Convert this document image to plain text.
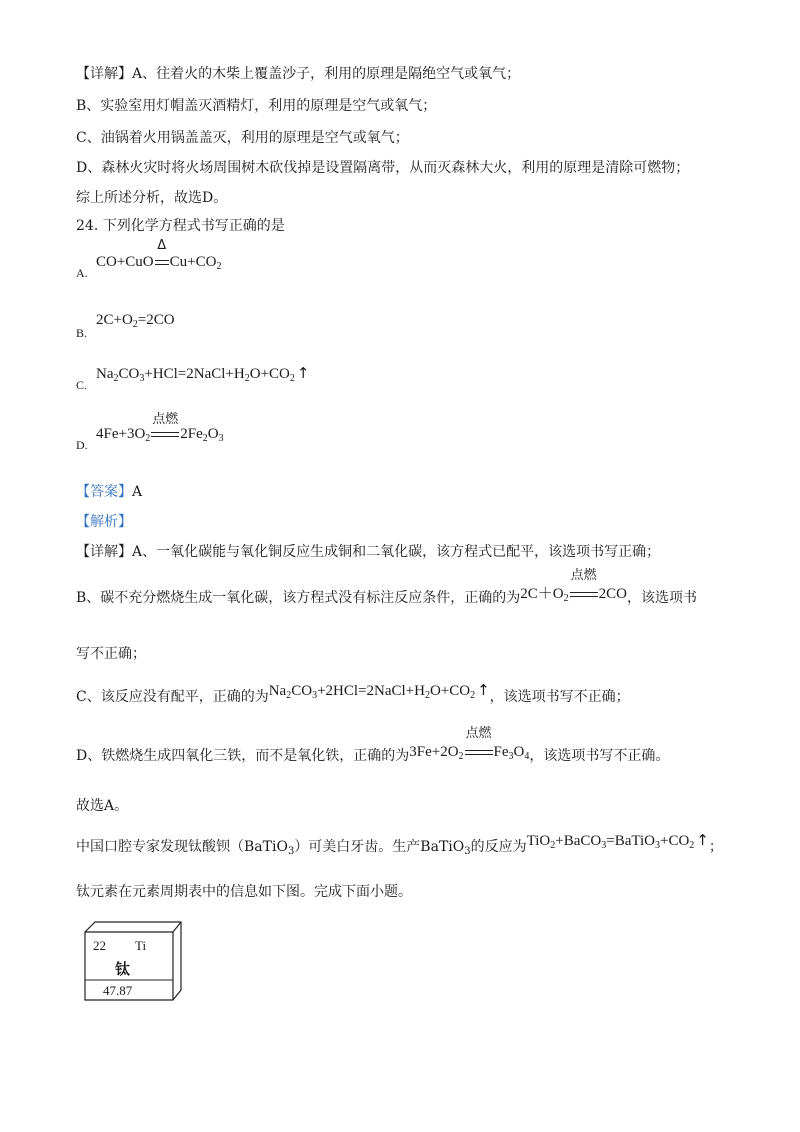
【详解】A、往着火的木柴上覆盖沙子，利用的原理是隔绝空气或氧气；
B、实验室用灯帽盖灭酒精灯，利用的原理是空气或氧气；
C、油锅着火用锅盖盖灭，利用的原理是空气或氧气；
D、森林火灾时将火场周围树木砍伐掉是设置隔离带，从而灭森林大火，利用的原理是清除可燃物；
综上所述分析，故选D。
24. 下列化学方程式书写正确的是
A.
CO+CuO
Δ
$Cu+CO_2$
B.
$2C+O_2=2CO$
C.
$Na_2CO_3+HCl=2NaCl+H_2O+CO_2$ ↑
D.
$4Fe+3O_2$
点燃
$2Fe_2O_3$
【答案】A
【解析】
【详解】A、一氧化碳能与氧化铜反应生成铜和二氧化碳，该方程式已配平，该选项书写正确；
B、碳不充分燃烧生成一氧化碳，该方程式没有标注反应条件，正确的为$2C+O_2$
点燃
2CO，该选项书
写不正确；
C、该反应没有配平，正确的为$Na_2CO_3+2HCl=2NaCl+H_2O+CO_2$ ↑，该选项书写不正确；
D、铁燃烧生成四氧化三铁，而不是氧化铁，正确的为$3Fe+2O_2$
点燃
$Fe_3O_4$，该选项书写不正确。
故选A。
中国口腔专家发现钛酸钡（BaTiO$_3$）可美白牙齿。生产BaTiO$_3$的反应为$TiO_2+BaCO_3=BaTiO_3+CO_2$ ↑；
钛元素在元素周期表中的信息如下图。完成下面小题。
22 Ti
钛
47.87
